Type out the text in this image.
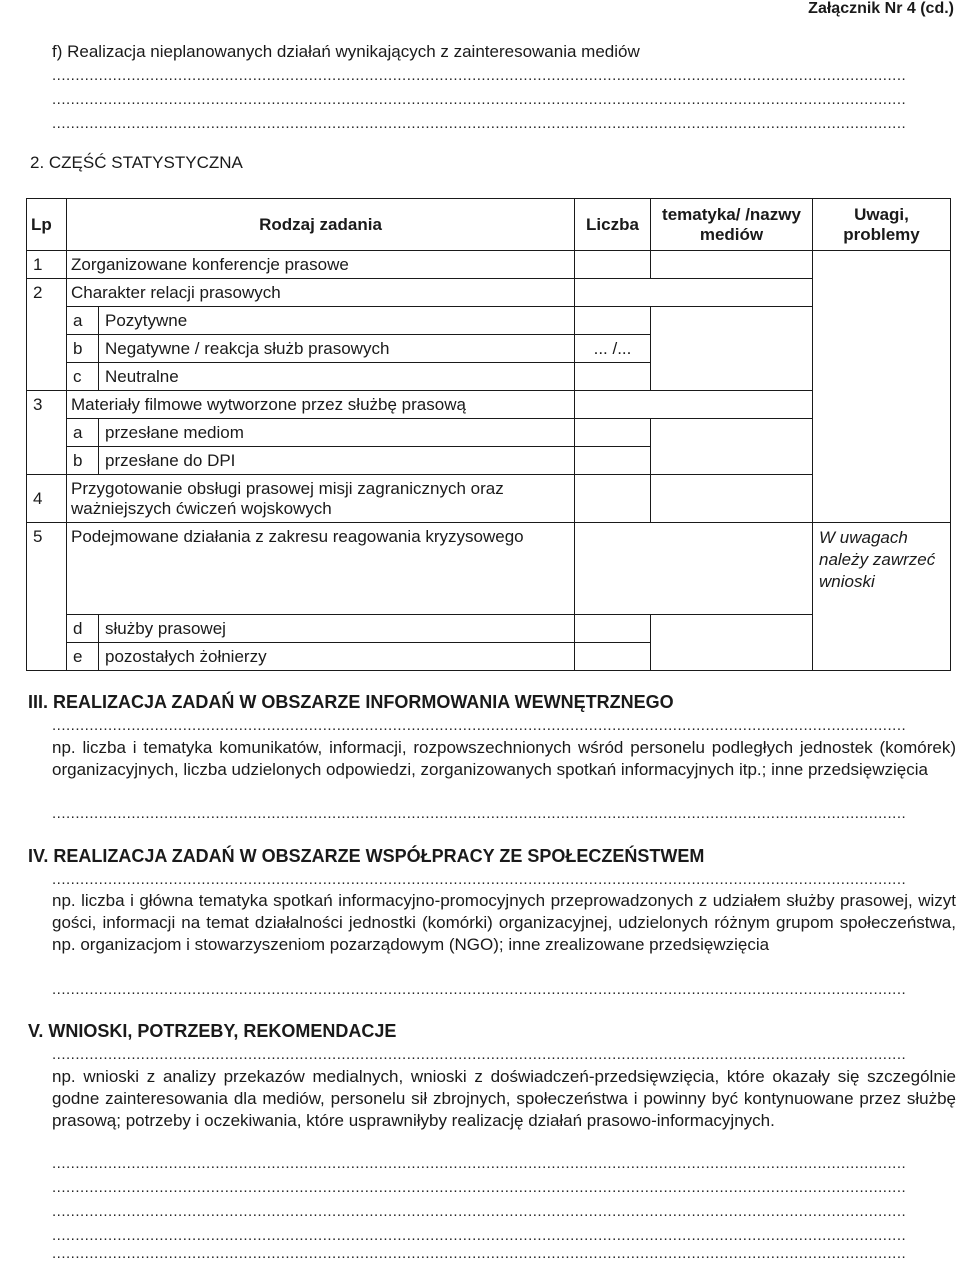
Załącznik Nr 4 (cd.)
f) Realizacja nieplanowanych działań wynikających z zainteresowania mediów
.......................................................................................................................................................................................
.......................................................................................................................................................................................
.......................................................................................................................................................................................
2. CZĘŚĆ STATYSTYCZNA
Lp	Rodzaj zadania		Liczba	tematyka/ /nazwy mediów	Uwagi, problemy
1	Zorganizowane konferencje prasowe				
2	Charakter relacji prasowych				
	a	Pozytywne			
	b	Negatywne / reakcja służb prasowych	... /...		
	c	Neutralne			
3	Materiały filmowe wytworzone przez służbę prasową				
	a	przesłane mediom			
	b	przesłane do DPI			
4	Przygotowanie obsługi prasowej misji zagranicznych oraz ważniejszych ćwiczeń wojskowych				
5	Podejmowane działania z zakresu reagowania kryzysowego				W uwagach należy zawrzeć wnioski
	d	służby prasowej			
	e	pozostałych żołnierzy			
III. REALIZACJA ZADAŃ W OBSZARZE INFORMOWANIA WEWNĘTRZNEGO
.......................................................................................................................................................................................
np. liczba i tematyka komunikatów, informacji, rozpowszechnionych wśród personelu podległych jednostek (komórek) organizacyjnych, liczba udzielonych odpowiedzi, zorganizowanych spotkań informacyjnych itp.; inne przedsięwzięcia
.......................................................................................................................................................................................
IV. REALIZACJA ZADAŃ W OBSZARZE WSPÓŁPRACY ZE SPOŁECZEŃSTWEM
.......................................................................................................................................................................................
np. liczba i główna tematyka spotkań informacyjno-promocyjnych przeprowadzonych z udziałem służby prasowej, wizyt gości, informacji na temat działalności jednostki (komórki) organizacyjnej, udzielonych różnym grupom społeczeństwa, np. organizacjom i stowarzyszeniom pozarządowym (NGO); inne zrealizowane przedsięwzięcia
.......................................................................................................................................................................................
V. WNIOSKI, POTRZEBY, REKOMENDACJE
.......................................................................................................................................................................................
np. wnioski z analizy przekazów medialnych, wnioski z doświadczeń-przedsięwzięcia, które okazały się szczególnie godne zainteresowania dla mediów, personelu sił zbrojnych, społeczeństwa i powinny być kontynuowane przez służbę prasową; potrzeby i oczekiwania, które usprawniłyby realizację działań prasowo-informacyjnych.
.......................................................................................................................................................................................
.......................................................................................................................................................................................
.......................................................................................................................................................................................
.......................................................................................................................................................................................
.......................................................................................................................................................................................
